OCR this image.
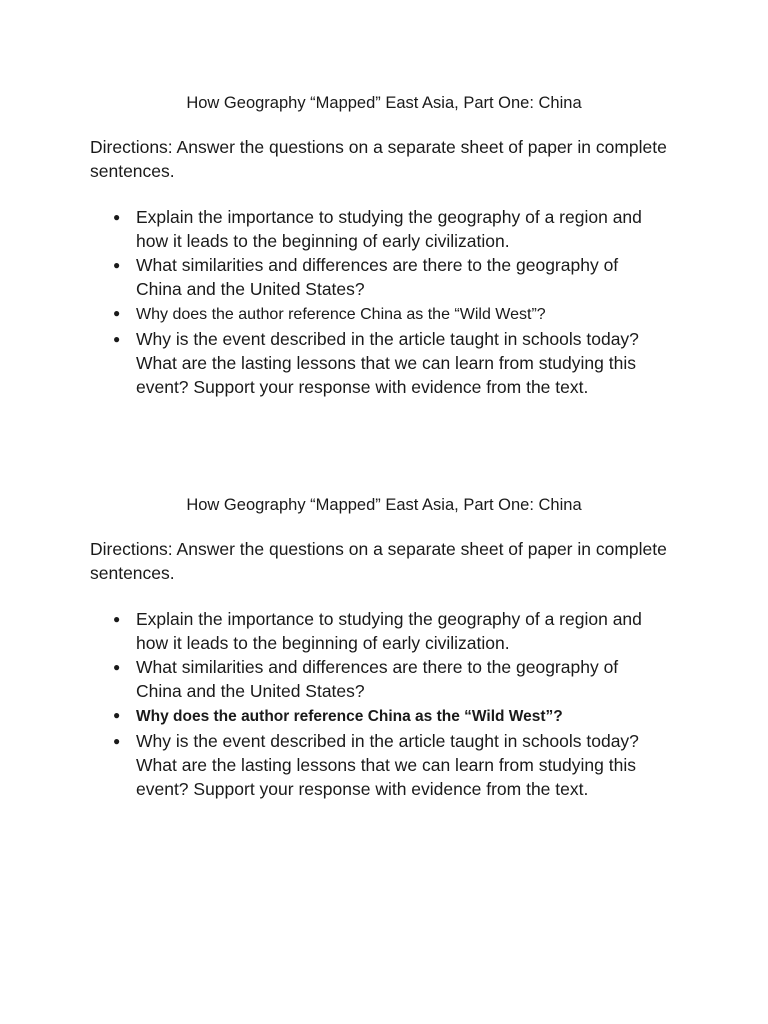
How Geography “Mapped” East Asia, Part One: China
Directions: Answer the questions on a separate sheet of paper in complete sentences.
● Explain the importance to studying the geography of a region and how it leads to the beginning of early civilization.
● What similarities and differences are there to the geography of China and the United States?
● Why does the author reference China as the “Wild West”?
● Why is the event described in the article taught in schools today? What are the lasting lessons that we can learn from studying this event? Support your response with evidence from the text.
How Geography “Mapped” East Asia, Part One: China
Directions: Answer the questions on a separate sheet of paper in complete sentences.
● Explain the importance to studying the geography of a region and how it leads to the beginning of early civilization.
● What similarities and differences are there to the geography of China and the United States?
● Why does the author reference China as the “Wild West”?
● Why is the event described in the article taught in schools today? What are the lasting lessons that we can learn from studying this event? Support your response with evidence from the text.
